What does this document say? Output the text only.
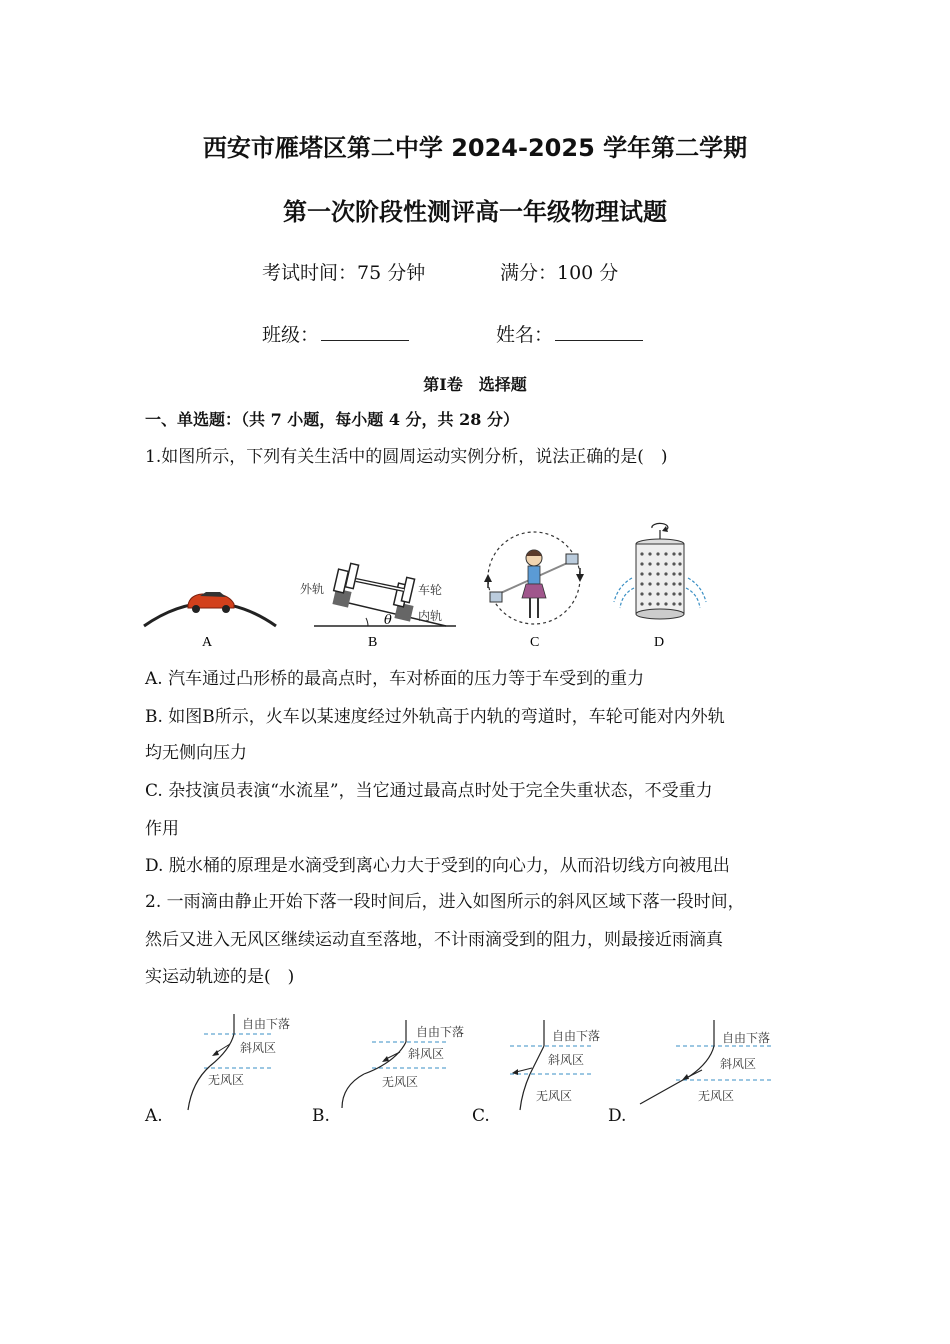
西安市雁塔区第二中学 2024-2025 学年第二学期
第一次阶段性测评高一年级物理试题
考试时间：75 分钟	满分：100 分
班级：	姓名：
第Ⅰ卷　选择题
一、单选题：（共 7 小题，每小题 4 分，共 28 分）
1.如图所示，下列有关生活中的圆周运动实例分析，说法正确的是(　)
A
θ
外轨	车轮
内轨
B	C	D
A. 汽车通过凸形桥的最高点时，车对桥面的压力等于车受到的重力
B. 如图B所示，火车以某速度经过外轨高于内轨的弯道时，车轮可能对内外轨
均无侧向压力
C. 杂技演员表演“水流星”，当它通过最高点时处于完全失重状态，不受重力
作用
D. 脱水桶的原理是水滴受到离心力大于受到的向心力，从而沿切线方向被甩出
2. 一雨滴由静止开始下落一段时间后，进入如图所示的斜风区域下落一段时间，
然后又进入无风区继续运动直至落地，不计雨滴受到的阻力，则最接近雨滴真
实运动轨迹的是(　)
自由下落
斜风区
无风区
自由下落
斜风区
无风区
自由下落
斜风区
无风区
自由下落
斜风区
无风区
A.	B.	C.	D.
